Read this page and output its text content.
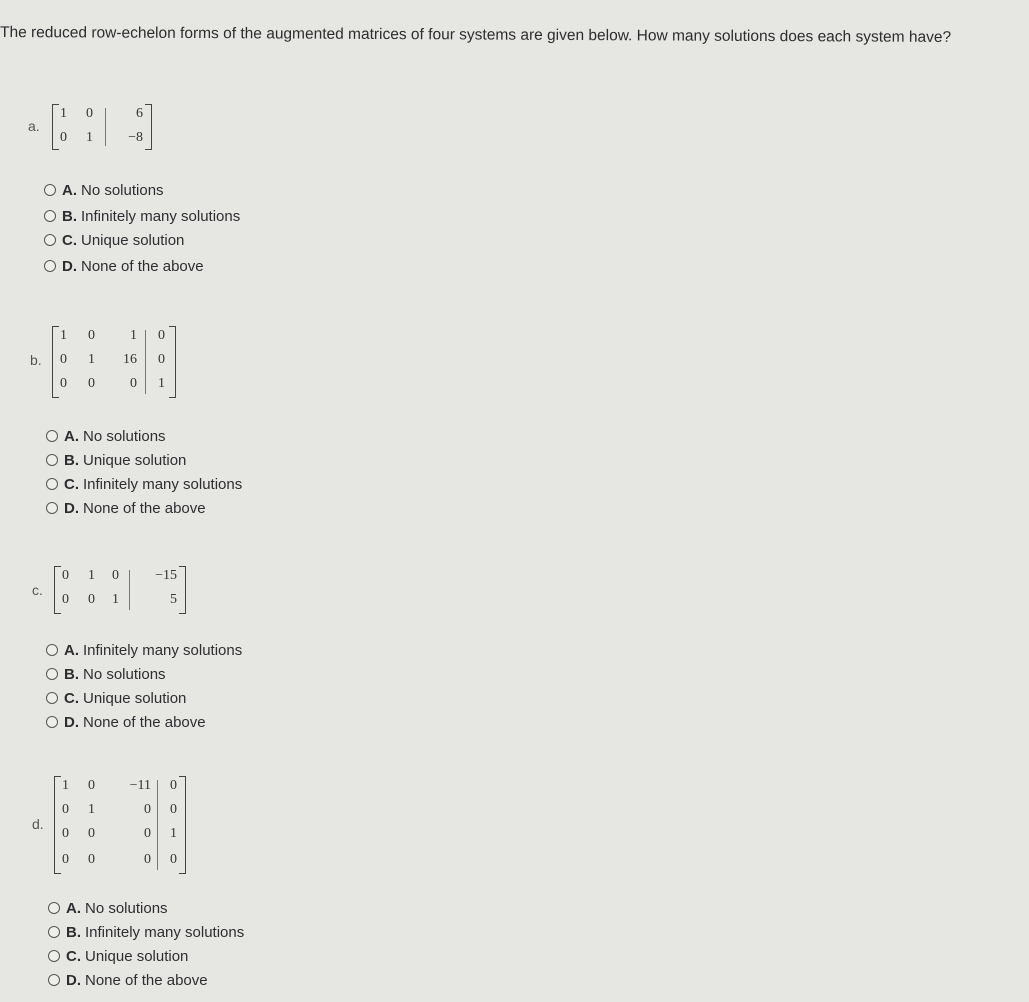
The reduced row-echelon forms of the augmented matrices of four systems are given below. How many solutions does each system have?
a.
1	0	6
0	1	−8
A. No solutions
B. Infinitely many solutions
C. Unique solution
D. None of the above
b.
1	0	1	0
0	1	16	0
0	0	0	1
A. No solutions
B. Unique solution
C. Infinitely many solutions
D. None of the above
c.
0	1	0	−15
0	0	1	5
A. Infinitely many solutions
B. No solutions
C. Unique solution
D. None of the above
d.
1	0	−11	0
0	1	0	0
0	0	0	1
0	0	0	0
A. No solutions
B. Infinitely many solutions
C. Unique solution
D. None of the above
